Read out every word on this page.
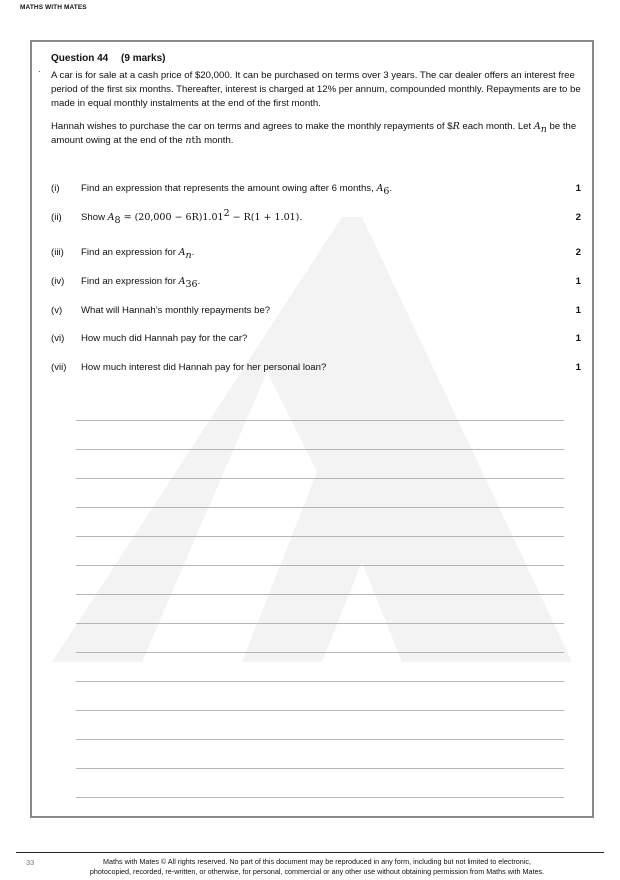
MATHS WITH MATES
·
Question 44 (9 marks)

A car is for sale at a cash price of $20,000. It can be purchased on terms over 3 years. The car dealer offers an interest free period of the first six months. Thereafter, interest is charged at 12% per annum, compounded monthly. Repayments are to be made in equal monthly instalments at the end of the first month.

Hannah wishes to purchase the car on terms and agrees to make the monthly repayments of $R each month. Let $A_n$ be the amount owing at the end of the nth month.

(i)	Find an expression that represents the amount owing after 6 months, $A_6$.	1
(ii)	Show $A_8 = (20,000 - 6R)1.01^2 - R(1 + 1.01)$.	2
(iii)	Find an expression for $A_n$.	2
(iv)	Find an expression for $A_{36}$.	1
(v)	What will Hannah’s monthly repayments be?	1
(vi)	How much did Hannah pay for the car?	1
(vii)	How much interest did Hannah pay for her personal loan?	1
33	Maths with Mates © All rights reserved. No part of this document may be reproduced in any form, including but not limited to electronic,
photocopied, recorded, re-written, or otherwise, for personal, commercial or any other use without obtaining permission from Maths with Mates.
